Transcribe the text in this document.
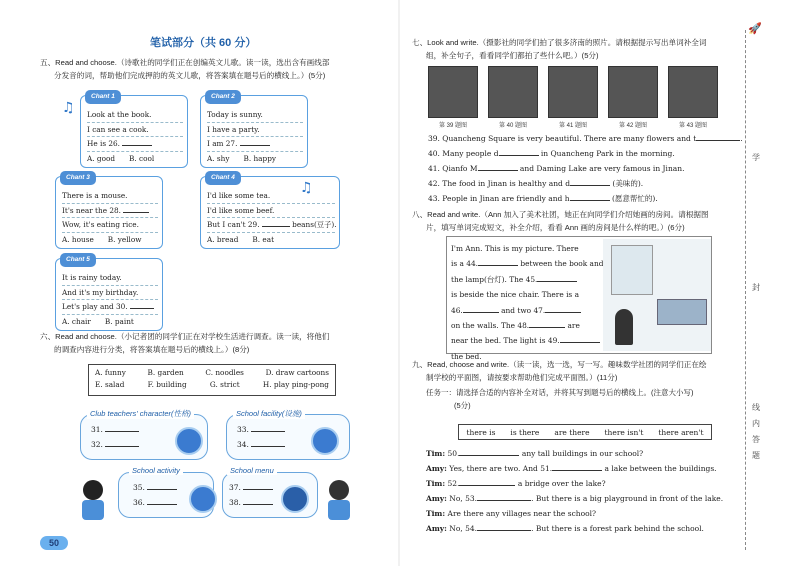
笔试部分（共 60 分）
五、Read and choose.（诗歌社的同学们正在创编英文儿歌。读一读，选出含有画线部
分发音的词，帮助他们完成押韵的英文儿歌，将答案填在题号后的横线上。）(5分)
Chant 1
Look at the book.
I can see a cook.
He is 26.
A. good B. cool
Chant 2
Today is sunny.
I have a party.
I am 27.
A. shy B. happy
Chant 3
There is a mouse.
It's near the 28.
Wow, it's eating rice.
A. house B. yellow
Chant 4
I'd like some tea.
I'd like some beef.
But I can't 29.	beans(豆子).
A. bread B. eat
Chant 5
It is rainy today.
And it's my birthday.
Let's play and 30.
A. chair B. paint
♫
♫
六、Read and choose.（小记者团的同学们正在对学校生活进行调查。读一读，将他们
的调查内容进行分类，将答案填在题号后的横线上。）(8分)
A. funny	B. garden	C. noodles	D. draw cartoons
E. salad	F. building	G. strict	H. play ping-pong
Club teachers' character(性格)
31.
32.
School facility(设施)
33.
34.
School activity
35.
36.
School menu
37.
38.
50
七、Look and write.（摄影社的同学们拍了很多济南的照片。请根据提示写出单词补全词
组，补全句子，看看同学们都拍了些什么吧。）(5分)
第 39 题图	第 40 题图	第 41 题图	第 42 题图	第 43 题图
39. Quancheng Square is very beautiful. There are many flowers and t	.
40. Many people d	in Quancheng Park in the morning.
41. Qianfo M	and Daming Lake are very famous in Jinan.
42. The food in Jinan is healthy and d	(美味的).
43. People in Jinan are friendly and h	(愿意帮忙的).
八、Read and write.（Ann 加入了美术社团，她正在向同学们介绍她画的房间。请根据图
片，填写单词完成短文，补全介绍，看看 Ann 画的房间是什么样的吧。）(6分)
I'm Ann. This is my picture. There
is a 44.	between the book and
the lamp(台灯). The 45.
is beside the nice chair. There is a
46.	and two 47.
on the walls. The 48.	are
near the bed. The light is 49.
the bed.
九、Read, choose and write.（读一读，选一选，写一写。趣味数学社团的同学们正在绘
制学校的平面图，请按要求帮助他们完成平面图。）(11分)
任务一：请选择合适的内容补全对话，并将其写到题号后的横线上。(注意大小写)
(5分)
there is is there are there there isn't there aren't
Tim: 50.	any tall buildings in our school?
Amy: Yes, there are two. And 51.	a lake between the buildings.
Tim: 52.	a bridge over the lake?
Amy: No, 53.	. But there is a big playground in front of the lake.
Tim: Are there any villages near the school?
Amy: No, 54.	. But there is a forest park behind the school.
🚀
学
封
线
内
答
题
